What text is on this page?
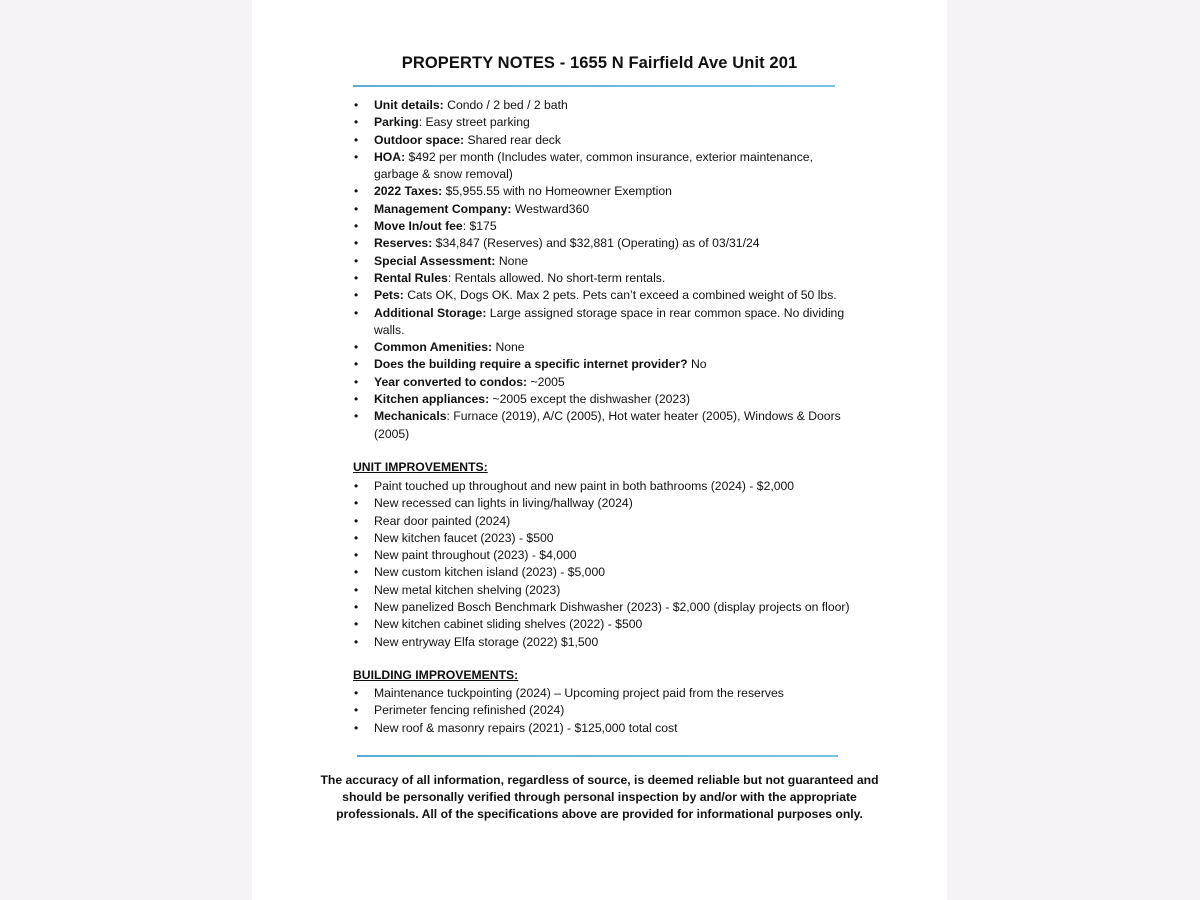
PROPERTY NOTES - 1655 N Fairfield Ave Unit 201
• Unit details: Condo / 2 bed / 2 bath
• Parking: Easy street parking
• Outdoor space: Shared rear deck
• HOA: $492 per month (Includes water, common insurance, exterior maintenance, garbage & snow removal)
• 2022 Taxes: $5,955.55 with no Homeowner Exemption
• Management Company: Westward360
• Move In/out fee: $175
• Reserves: $34,847 (Reserves) and $32,881 (Operating) as of 03/31/24
• Special Assessment: None
• Rental Rules: Rentals allowed. No short-term rentals.
• Pets: Cats OK, Dogs OK. Max 2 pets. Pets can’t exceed a combined weight of 50 lbs.
• Additional Storage: Large assigned storage space in rear common space. No dividing walls.
• Common Amenities: None
• Does the building require a specific internet provider? No
• Year converted to condos: ~2005
• Kitchen appliances: ~2005 except the dishwasher (2023)
• Mechanicals: Furnace (2019), A/C (2005), Hot water heater (2005), Windows & Doors (2005)
UNIT IMPROVEMENTS:
• Paint touched up throughout and new paint in both bathrooms (2024) - $2,000
• New recessed can lights in living/hallway (2024)
• Rear door painted (2024)
• New kitchen faucet (2023) - $500
• New paint throughout (2023) - $4,000
• New custom kitchen island (2023) - $5,000
• New metal kitchen shelving (2023)
• New panelized Bosch Benchmark Dishwasher (2023) - $2,000 (display projects on floor)
• New kitchen cabinet sliding shelves (2022) - $500
• New entryway Elfa storage (2022) $1,500
BUILDING IMPROVEMENTS:
• Maintenance tuckpointing (2024) – Upcoming project paid from the reserves
• Perimeter fencing refinished (2024)
• New roof & masonry repairs (2021) - $125,000 total cost
The accuracy of all information, regardless of source, is deemed reliable but not guaranteed and should be personally verified through personal inspection by and/or with the appropriate professionals. All of the specifications above are provided for informational purposes only.
